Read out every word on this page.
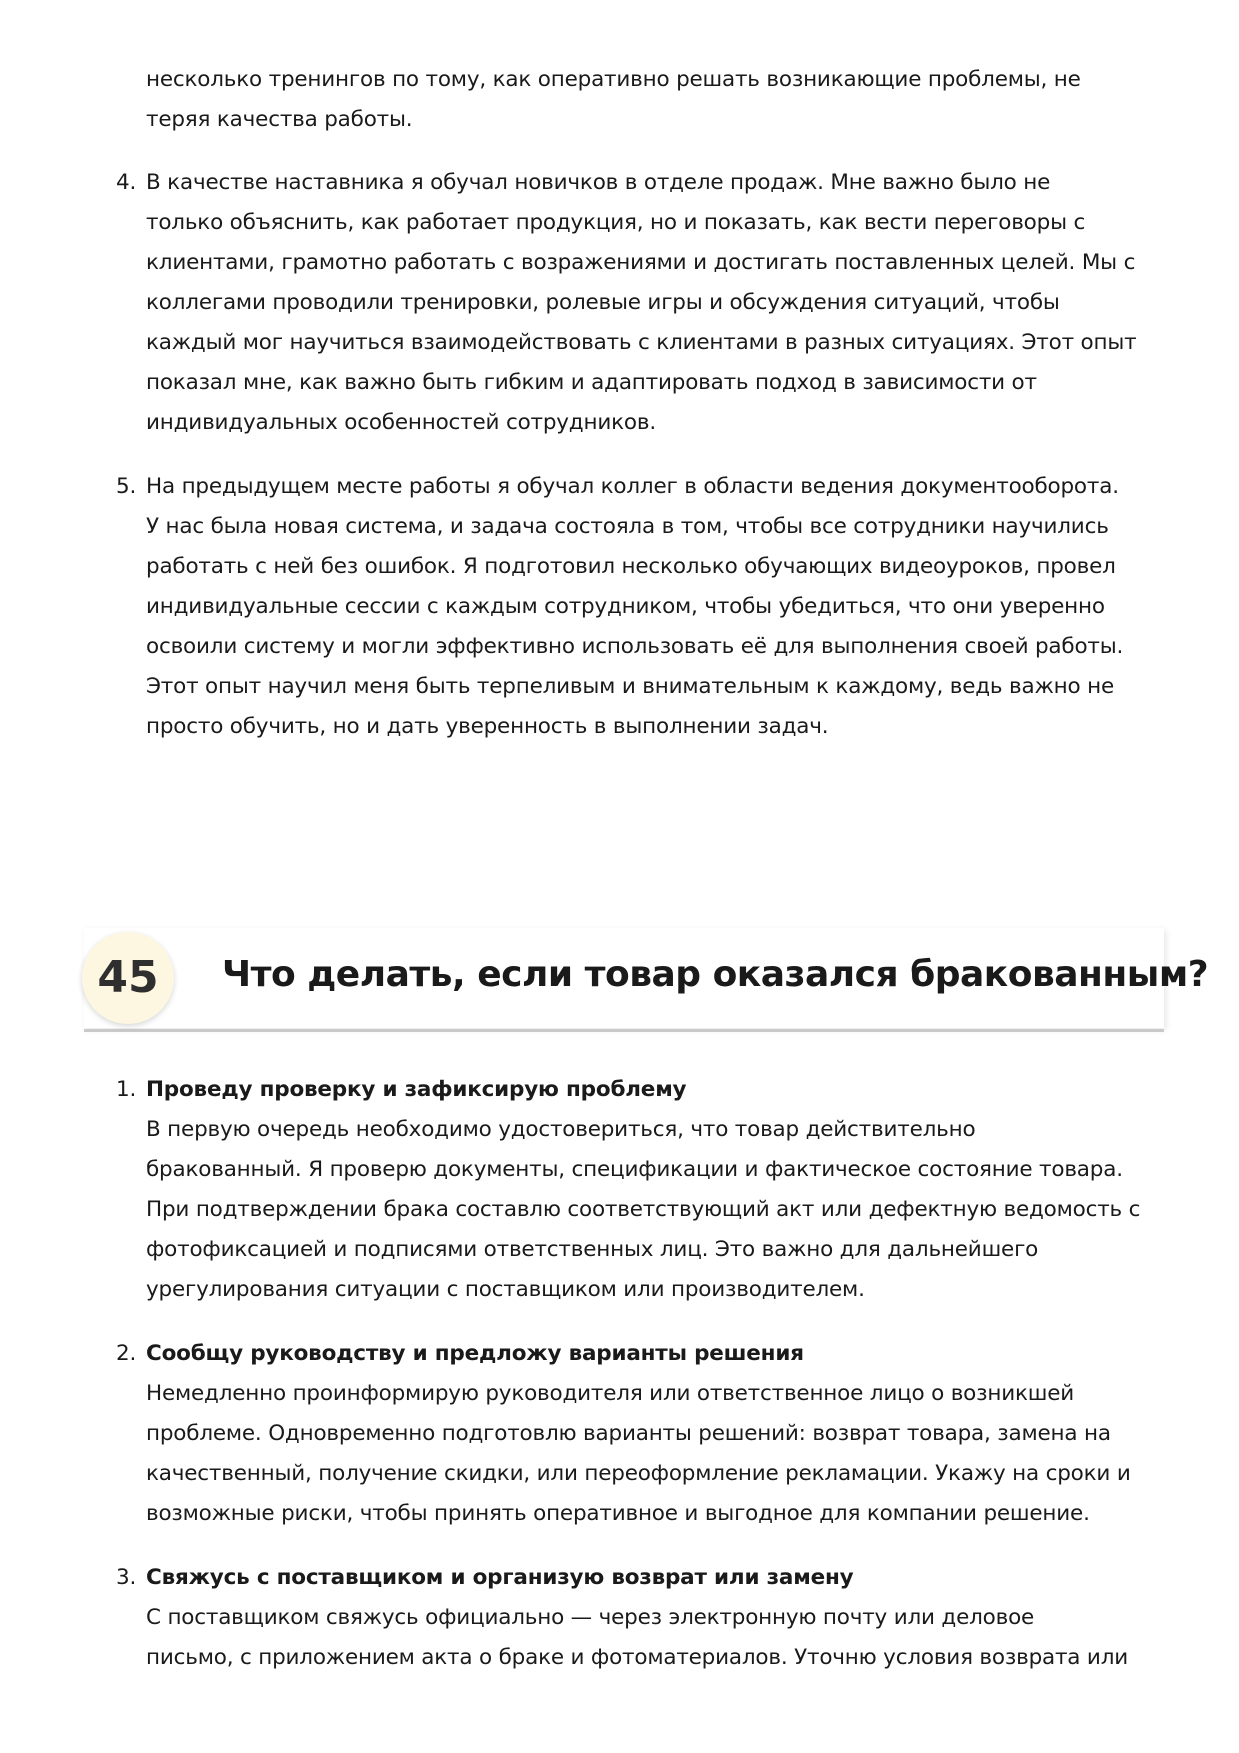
несколько тренингов по тому, как оперативно решать возникающие проблемы, не
теряя качества работы.
4. В качестве наставника я обучал новичков в отделе продаж. Мне важно было не
только объяснить, как работает продукция, но и показать, как вести переговоры с
клиентами, грамотно работать с возражениями и достигать поставленных целей. Мы с
коллегами проводили тренировки, ролевые игры и обсуждения ситуаций, чтобы
каждый мог научиться взаимодействовать с клиентами в разных ситуациях. Этот опыт
показал мне, как важно быть гибким и адаптировать подход в зависимости от
индивидуальных особенностей сотрудников.
5. На предыдущем месте работы я обучал коллег в области ведения документооборота.
У нас была новая система, и задача состояла в том, чтобы все сотрудники научились
работать с ней без ошибок. Я подготовил несколько обучающих видеоуроков, провел
индивидуальные сессии с каждым сотрудником, чтобы убедиться, что они уверенно
освоили систему и могли эффективно использовать её для выполнения своей работы.
Этот опыт научил меня быть терпеливым и внимательным к каждому, ведь важно не
просто обучить, но и дать уверенность в выполнении задач.
45	Что делать, если товар оказался бракованным?
1. Проведу проверку и зафиксирую проблему
В первую очередь необходимо удостовериться, что товар действительно
бракованный. Я проверю документы, спецификации и фактическое состояние товара.
При подтверждении брака составлю соответствующий акт или дефектную ведомость с
фотофиксацией и подписями ответственных лиц. Это важно для дальнейшего
урегулирования ситуации с поставщиком или производителем.
2. Сообщу руководству и предложу варианты решения
Немедленно проинформирую руководителя или ответственное лицо о возникшей
проблеме. Одновременно подготовлю варианты решений: возврат товара, замена на
качественный, получение скидки, или переоформление рекламации. Укажу на сроки и
возможные риски, чтобы принять оперативное и выгодное для компании решение.
3. Свяжусь с поставщиком и организую возврат или замену
С поставщиком свяжусь официально — через электронную почту или деловое
письмо, с приложением акта о браке и фотоматериалов. Уточню условия возврата или
